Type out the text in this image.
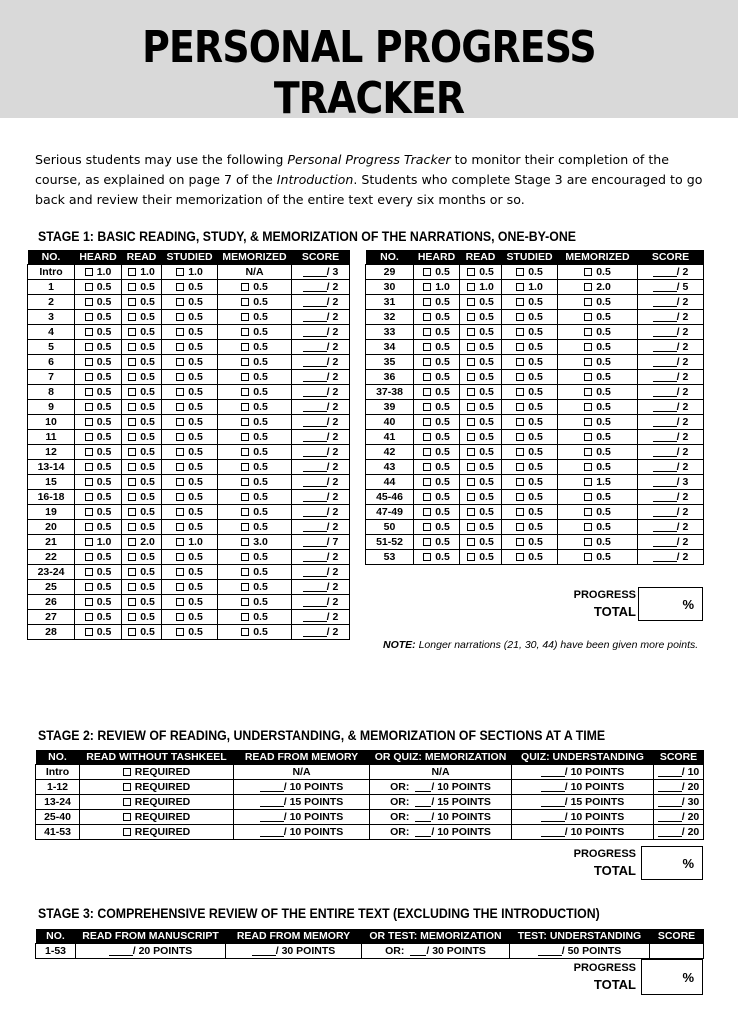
PERSONAL PROGRESS TRACKER
Serious students may use the following Personal Progress Tracker to monitor their completion of the course, as explained on page 7 of the Introduction. Students who complete Stage 3 are encouraged to go back and review their memorization of the entire text every six months or so.
STAGE 1: BASIC READING, STUDY, & MEMORIZATION OF THE NARRATIONS, ONE-BY-ONE
NO.	HEARD	READ	STUDIED	MEMORIZED	SCORE
Intro	1.0	1.0	1.0	N/A	/ 3
1	0.5	0.5	0.5	0.5	/ 2
2	0.5	0.5	0.5	0.5	/ 2
3	0.5	0.5	0.5	0.5	/ 2
4	0.5	0.5	0.5	0.5	/ 2
5	0.5	0.5	0.5	0.5	/ 2
6	0.5	0.5	0.5	0.5	/ 2
7	0.5	0.5	0.5	0.5	/ 2
8	0.5	0.5	0.5	0.5	/ 2
9	0.5	0.5	0.5	0.5	/ 2
10	0.5	0.5	0.5	0.5	/ 2
11	0.5	0.5	0.5	0.5	/ 2
12	0.5	0.5	0.5	0.5	/ 2
13-14	0.5	0.5	0.5	0.5	/ 2
15	0.5	0.5	0.5	0.5	/ 2
16-18	0.5	0.5	0.5	0.5	/ 2
19	0.5	0.5	0.5	0.5	/ 2
20	0.5	0.5	0.5	0.5	/ 2
21	1.0	2.0	1.0	3.0	/ 7
22	0.5	0.5	0.5	0.5	/ 2
23-24	0.5	0.5	0.5	0.5	/ 2
25	0.5	0.5	0.5	0.5	/ 2
26	0.5	0.5	0.5	0.5	/ 2
27	0.5	0.5	0.5	0.5	/ 2
28	0.5	0.5	0.5	0.5	/ 2
NO.	HEARD	READ	STUDIED	MEMORIZED	SCORE
29	0.5	0.5	0.5	0.5	/ 2
30	1.0	1.0	1.0	2.0	/ 5
31	0.5	0.5	0.5	0.5	/ 2
32	0.5	0.5	0.5	0.5	/ 2
33	0.5	0.5	0.5	0.5	/ 2
34	0.5	0.5	0.5	0.5	/ 2
35	0.5	0.5	0.5	0.5	/ 2
36	0.5	0.5	0.5	0.5	/ 2
37-38	0.5	0.5	0.5	0.5	/ 2
39	0.5	0.5	0.5	0.5	/ 2
40	0.5	0.5	0.5	0.5	/ 2
41	0.5	0.5	0.5	0.5	/ 2
42	0.5	0.5	0.5	0.5	/ 2
43	0.5	0.5	0.5	0.5	/ 2
44	0.5	0.5	0.5	1.5	/ 3
45-46	0.5	0.5	0.5	0.5	/ 2
47-49	0.5	0.5	0.5	0.5	/ 2
50	0.5	0.5	0.5	0.5	/ 2
51-52	0.5	0.5	0.5	0.5	/ 2
53	0.5	0.5	0.5	0.5	/ 2
PROGRESS
TOTAL	%
NOTE: Longer narrations (21, 30, 44) have been given more points.
STAGE 2: REVIEW OF READING, UNDERSTANDING, & MEMORIZATION OF SECTIONS AT A TIME
NO.	READ WITHOUT TASHKEEL	READ FROM MEMORY	OR QUIZ: MEMORIZATION	QUIZ: UNDERSTANDING	SCORE
Intro	REQUIRED	N/A	N/A	/ 10 POINTS	/ 10
1-12	REQUIRED	/ 10 POINTS	OR: / 10 POINTS	/ 10 POINTS	/ 20
13-24	REQUIRED	/ 15 POINTS	OR: / 15 POINTS	/ 15 POINTS	/ 30
25-40	REQUIRED	/ 10 POINTS	OR: / 10 POINTS	/ 10 POINTS	/ 20
41-53	REQUIRED	/ 10 POINTS	OR: / 10 POINTS	/ 10 POINTS	/ 20
PROGRESS
TOTAL	%
STAGE 3: COMPREHENSIVE REVIEW OF THE ENTIRE TEXT (EXCLUDING THE INTRODUCTION)
NO.	READ FROM MANUSCRIPT	READ FROM MEMORY	OR TEST: MEMORIZATION	TEST: UNDERSTANDING	SCORE
1-53	/ 20 POINTS	/ 30 POINTS	OR: / 30 POINTS	/ 50 POINTS	
PROGRESS
TOTAL	%
